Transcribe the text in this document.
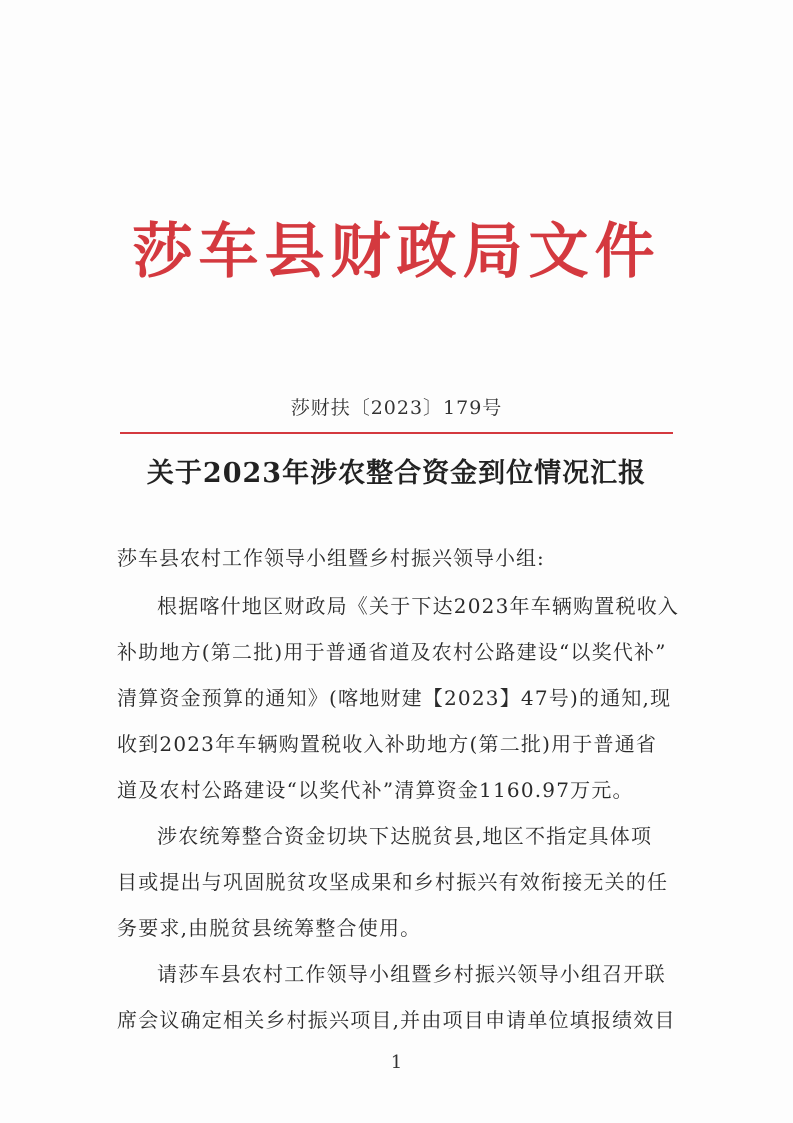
莎车县财政局文件
莎财扶〔2023〕179号
关于2023年涉农整合资金到位情况汇报
莎车县农村工作领导小组暨乡村振兴领导小组:
根据喀什地区财政局《关于下达2023年车辆购置税收入
补助地方(第二批)用于普通省道及农村公路建设“以奖代补”
清算资金预算的通知》(喀地财建【2023】47号)的通知,现
收到2023年车辆购置税收入补助地方(第二批)用于普通省
道及农村公路建设“以奖代补”清算资金1160.97万元。
涉农统筹整合资金切块下达脱贫县,地区不指定具体项
目或提出与巩固脱贫攻坚成果和乡村振兴有效衔接无关的任
务要求,由脱贫县统筹整合使用。
请莎车县农村工作领导小组暨乡村振兴领导小组召开联
席会议确定相关乡村振兴项目,并由项目申请单位填报绩效目
1
